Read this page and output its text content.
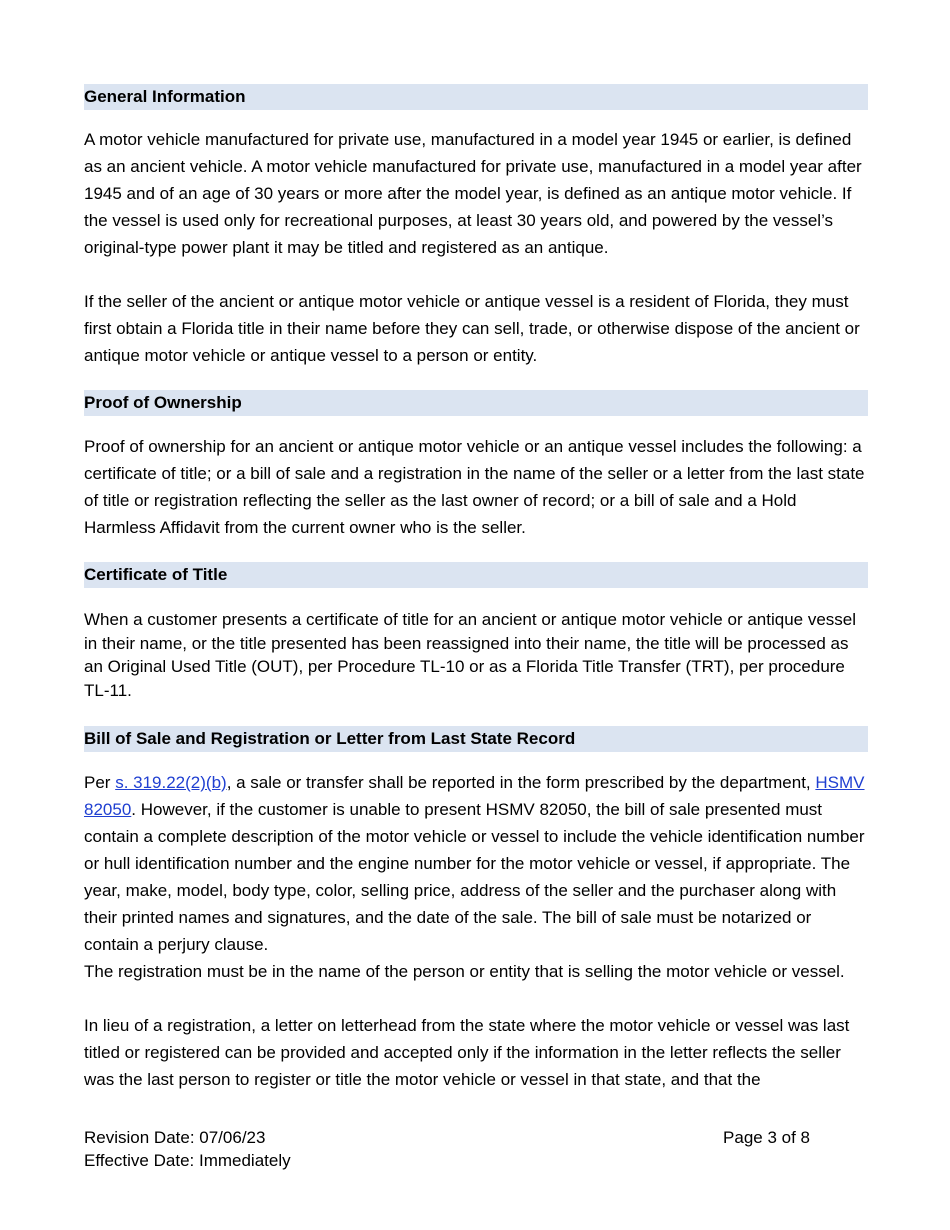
General Information

A motor vehicle manufactured for private use, manufactured in a model year 1945 or earlier, is defined as an ancient vehicle. A motor vehicle manufactured for private use, manufactured in a model year after 1945 and of an age of 30 years or more after the model year, is defined as an antique motor vehicle. If the vessel is used only for recreational purposes, at least 30 years old, and powered by the vessel’s original-type power plant it may be titled and registered as an antique.

If the seller of the ancient or antique motor vehicle or antique vessel is a resident of Florida, they must first obtain a Florida title in their name before they can sell, trade, or otherwise dispose of the ancient or antique motor vehicle or antique vessel to a person or entity.

Proof of Ownership

Proof of ownership for an ancient or antique motor vehicle or an antique vessel includes the following: a certificate of title; or a bill of sale and a registration in the name of the seller or a letter from the last state of title or registration reflecting the seller as the last owner of record; or a bill of sale and a Hold Harmless Affidavit from the current owner who is the seller.

Certificate of Title

When a customer presents a certificate of title for an ancient or antique motor vehicle or antique vessel in their name, or the title presented has been reassigned into their name, the title will be processed as an Original Used Title (OUT), per Procedure TL-10 or as a Florida Title Transfer (TRT), per procedure TL-11.

Bill of Sale and Registration or Letter from Last State Record

Per s. 319.22(2)(b), a sale or transfer shall be reported in the form prescribed by the department, HSMV 82050. However, if the customer is unable to present HSMV 82050, the bill of sale presented must contain a complete description of the motor vehicle or vessel to include the vehicle identification number or hull identification number and the engine number for the motor vehicle or vessel, if appropriate. The year, make, model, body type, color, selling price, address of the seller and the purchaser along with their printed names and signatures, and the date of the sale. The bill of sale must be notarized or contain a perjury clause.

The registration must be in the name of the person or entity that is selling the motor vehicle or vessel.

In lieu of a registration, a letter on letterhead from the state where the motor vehicle or vessel was last titled or registered can be provided and accepted only if the information in the letter reflects the seller was the last person to register or title the motor vehicle or vessel in that state, and that the

Revision Date: 07/06/23	Page 3 of 8
Effective Date: Immediately
